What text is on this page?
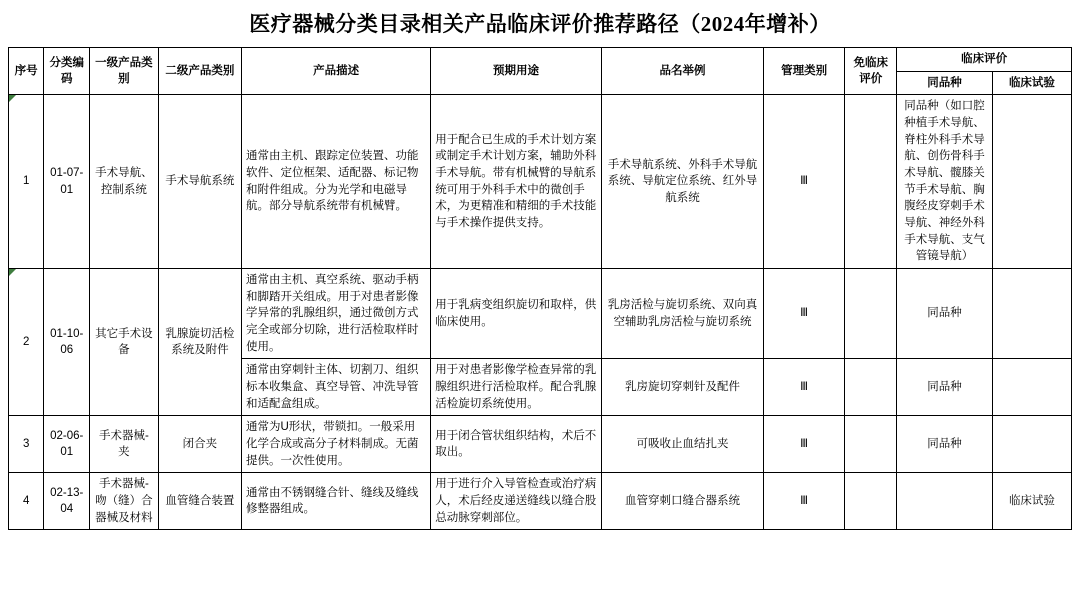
医疗器械分类目录相关产品临床评价推荐路径（2024年增补）
序号	分类编码	一级产品类别	二级产品类别	产品描述	预期用途	品名举例	管理类别	免临床评价	临床评价	
									同品种	临床试验
1	01-07-01	手术导航、控制系统	手术导航系统	通常由主机、跟踪定位装置、功能软件、定位框架、适配器、标记物和附件组成。分为光学和电磁导航。部分导航系统带有机械臂。	用于配合已生成的手术计划方案或制定手术计划方案，辅助外科手术导航。带有机械臂的导航系统可用于外科手术中的微创手术，为更精准和精细的手术技能与手术操作提供支持。	手术导航系统、外科手术导航系统、导航定位系统、红外导航系统	Ⅲ		同品种（如口腔种植手术导航、脊柱外科手术导航、创伤骨科手术导航、髋膝关节手术导航、胸腹经皮穿刺手术导航、神经外科手术导航、支气管镜导航）	
2	01-10-06	其它手术设备	乳腺旋切活检系统及附件	通常由主机、真空系统、驱动手柄和脚踏开关组成。用于对患者影像学异常的乳腺组织，通过微创方式完全或部分切除，进行活检取样时使用。	用于乳病变组织旋切和取样，供临床使用。	乳房活检与旋切系统、双向真空辅助乳房活检与旋切系统	Ⅲ		同品种	
				通常由穿刺针主体、切割刀、组织标本收集盒、真空导管、冲洗导管和适配盒组成。	用于对患者影像学检查异常的乳腺组织进行活检取样。配合乳腺活检旋切系统使用。	乳房旋切穿刺针及配件	Ⅲ		同品种	
3	02-06-01	手术器械-夹	闭合夹	通常为U形状，带锁扣。一般采用化学合成或高分子材料制成。无菌提供。一次性使用。	用于闭合管状组织结构，术后不取出。	可吸收止血结扎夹	Ⅲ		同品种	
4	02-13-04	手术器械-吻（缝）合器械及材料	血管缝合装置	通常由不锈钢缝合针、缝线及缝线修整器组成。	用于进行介入导管检查或治疗病人，术后经皮递送缝线以缝合股总动脉穿刺部位。	血管穿刺口缝合器系统	Ⅲ			临床试验
